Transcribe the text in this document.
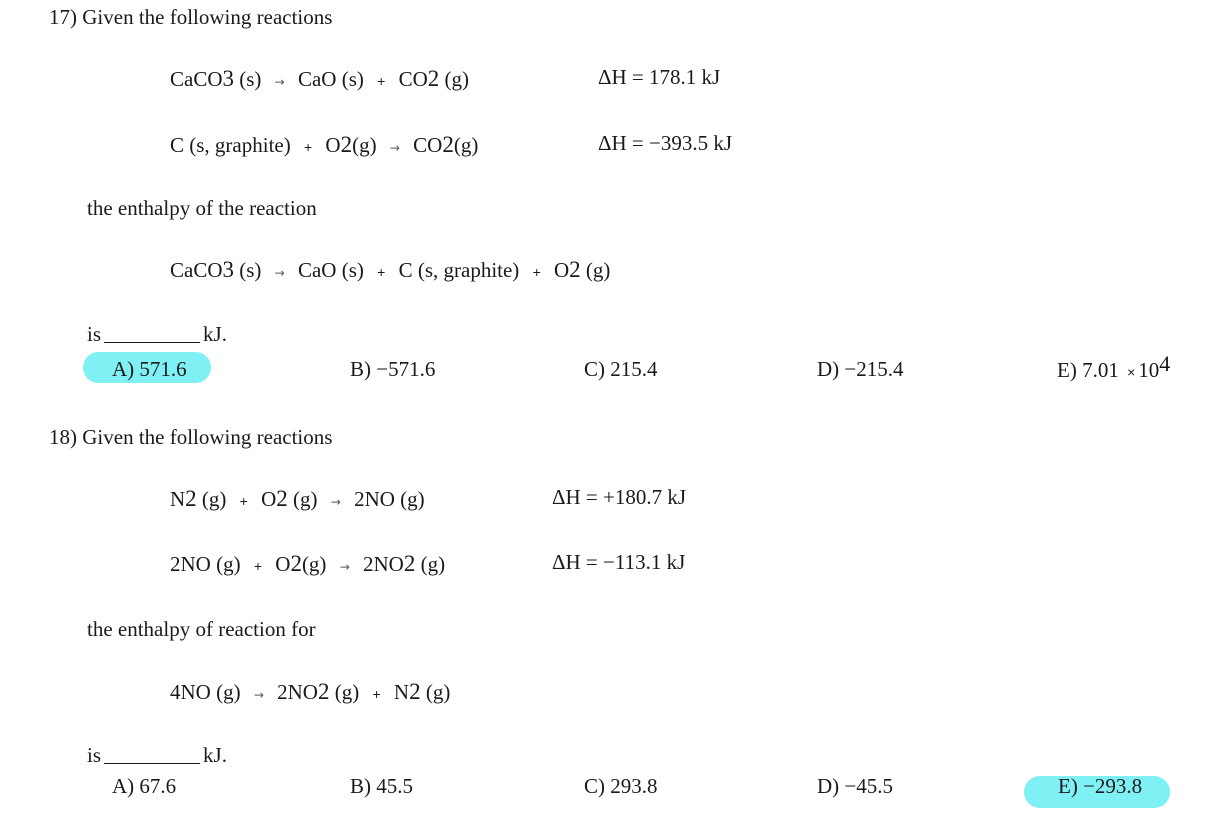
17) Given the following reactions
CaCO3 (s) → CaO (s) + CO2 (g)	ΔH = 178.1 kJ
C (s, graphite) + O2(g) → CO2(g)	ΔH = −393.5 kJ
the enthalpy of the reaction
CaCO3 (s) → CaO (s) + C (s, graphite) + O2 (g)
is	kJ.
A) 571.6	B) −571.6	C) 215.4	D) −215.4	E) 7.01 × 104
18) Given the following reactions
N2 (g) + O2 (g) → 2NO (g)	ΔH = +180.7 kJ
2NO (g) + O2(g) → 2NO2 (g)	ΔH = −113.1 kJ
the enthalpy of reaction for
4NO (g) → 2NO2 (g) + N2 (g)
is	kJ.
A) 67.6	B) 45.5	C) 293.8	D) −45.5	E) −293.8
